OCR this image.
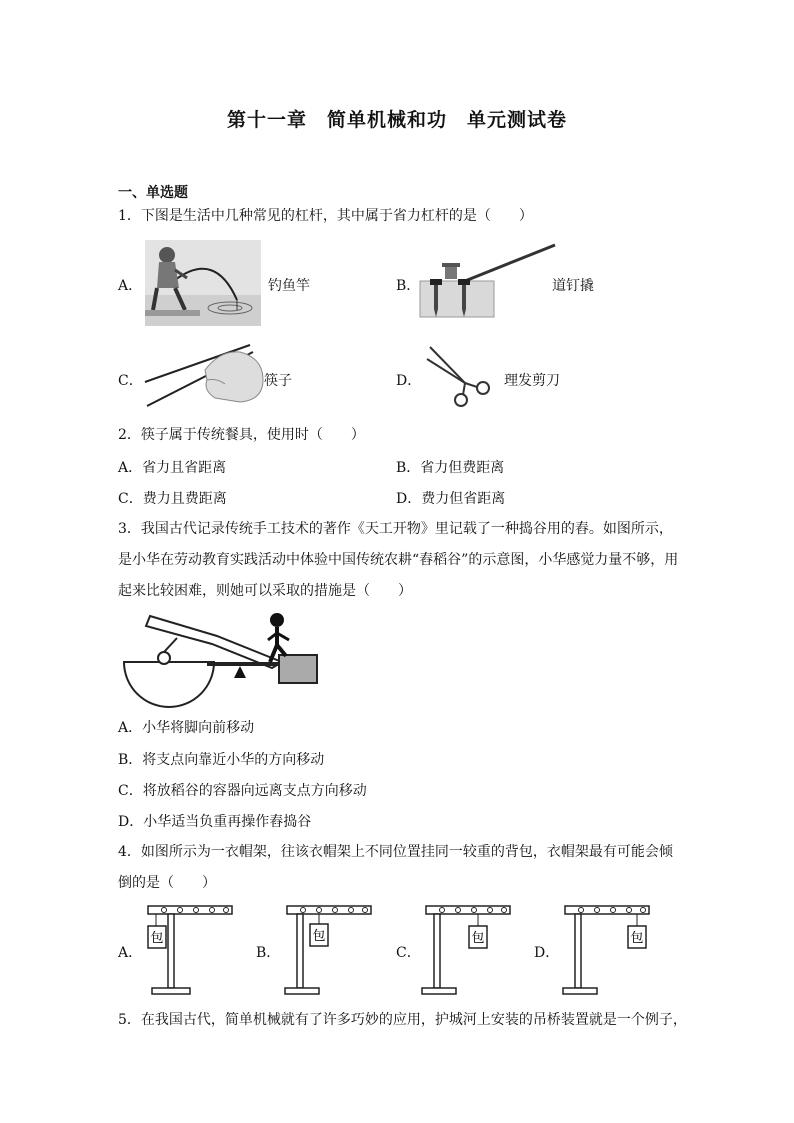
第十一章 简单机械和功 单元测试卷
一、单选题
1．下图是生活中几种常见的杠杆，其中属于省力杠杆的是（　　）
A．	钓鱼竿	B．	道钉撬
C．	筷子	D．	理发剪刀
2．筷子属于传统餐具，使用时（　　）
A．省力且省距离	B．省力但费距离
C．费力且费距离	D．费力但省距离
3．我国古代记录传统手工技术的著作《天工开物》里记载了一种捣谷用的舂。如图所示，
是小华在劳动教育实践活动中体验中国传统农耕“舂稻谷”的示意图，小华感觉力量不够，用
起来比较困难，则她可以采取的措施是（　　）
A．小华将脚向前移动
B．将支点向靠近小华的方向移动
C．将放稻谷的容器向远离支点方向移动
D．小华适当负重再操作舂捣谷
4．如图所示为一衣帽架，往该衣帽架上不同位置挂同一较重的背包，衣帽架最有可能会倾
倒的是（　　）
A．
包
B．
包
C．
包
D．
包
5．在我国古代，简单机械就有了许多巧妙的应用，护城河上安装的吊桥装置就是一个例子，
